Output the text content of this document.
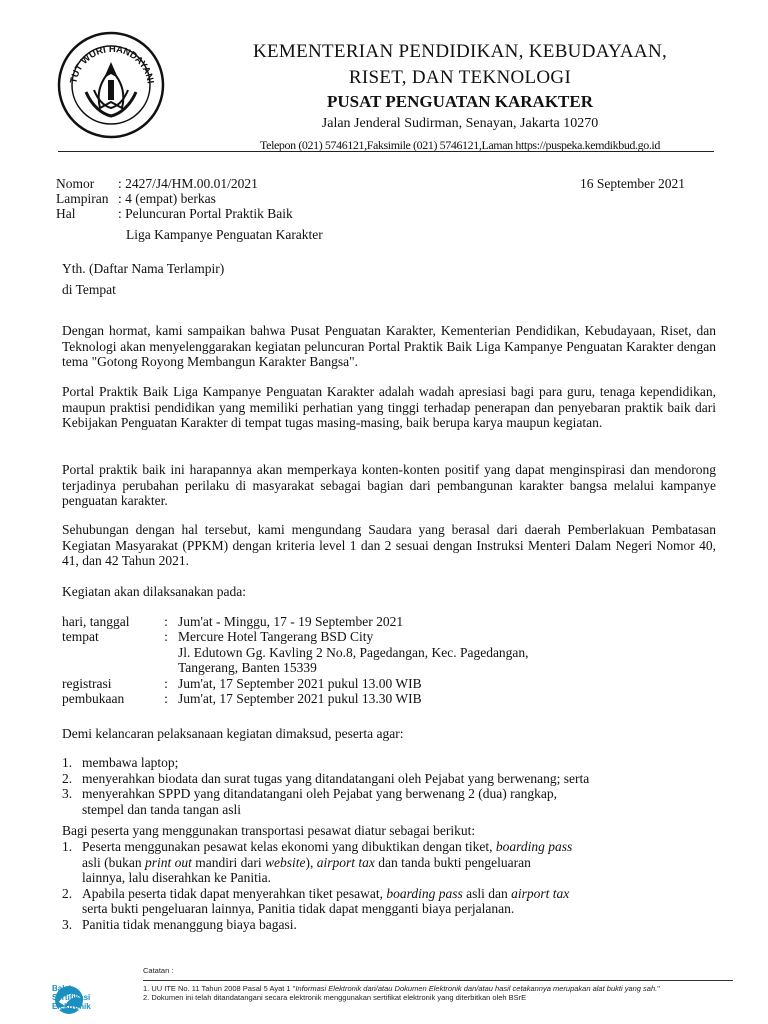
TUT WURI HANDAYANI
KEMENTERIAN PENDIDIKAN, KEBUDAYAAN,
RISET, DAN TEKNOLOGI
PUSAT PENGUATAN KARAKTER
Jalan Jenderal Sudirman, Senayan, Jakarta 10270
Telepon (021) 5746121,Faksimile (021) 5746121,Laman https://puspeka.kemdikbud.go.id
Nomor	: 2427/J4/HM.00.01/2021
Lampiran : 4 (empat) berkas
Hal	: Peluncuran Portal Praktik Baik
Liga Kampanye Penguatan Karakter
16 September 2021
Yth. (Daftar Nama Terlampir)
di Tempat

Dengan hormat, kami sampaikan bahwa Pusat Penguatan Karakter, Kementerian Pendidikan, Kebudayaan, Riset, dan Teknologi akan menyelenggarakan kegiatan peluncuran Portal Praktik Baik Liga Kampanye Penguatan Karakter dengan tema "Gotong Royong Membangun Karakter Bangsa".

Portal Praktik Baik Liga Kampanye Penguatan Karakter adalah wadah apresiasi bagi para guru, tenaga kependidikan, maupun praktisi pendidikan yang memiliki perhatian yang tinggi terhadap penerapan dan penyebaran praktik baik dari Kebijakan Penguatan Karakter di tempat tugas masing-masing, baik berupa karya maupun kegiatan.

Portal praktik baik ini harapannya akan memperkaya konten-konten positif yang dapat menginspirasi dan mendorong terjadinya perubahan perilaku di masyarakat sebagai bagian dari pembangunan karakter bangsa melalui kampanye penguatan karakter.

Sehubungan dengan hal tersebut, kami mengundang Saudara yang berasal dari daerah Pemberlakuan Pembatasan Kegiatan Masyarakat (PPKM) dengan kriteria level 1 dan 2 sesuai dengan Instruksi Menteri Dalam Negeri Nomor 40, 41, dan 42 Tahun 2021.

Kegiatan akan dilaksanakan pada:

hari, tanggal	: Jum'at - Minggu, 17 - 19 September 2021
tempat	: Mercure Hotel Tangerang BSD City
Jl. Edutown Gg. Kavling 2 No.8, Pagedangan, Kec. Pagedangan,
Tangerang, Banten 15339
registrasi	: Jum'at, 17 September 2021 pukul 13.00 WIB
pembukaan	: Jum'at, 17 September 2021 pukul 13.30 WIB

Demi kelancaran pelaksanaan kegiatan dimaksud, peserta agar:

1. membawa laptop;
2. menyerahkan biodata dan surat tugas yang ditandatangani oleh Pejabat yang berwenang; serta
3. menyerahkan SPPD yang ditandatangani oleh Pejabat yang berwenang 2 (dua) rangkap,
stempel dan tanda tangan asli

Bagi peserta yang menggunakan transportasi pesawat diatur sebagai berikut:

1. Peserta menggunakan pesawat kelas ekonomi yang dibuktikan dengan tiket, boarding pass
asli (bukan print out mandiri dari website), airport tax dan tanda bukti pengeluaran
lainnya, lalu diserahkan ke Panitia.
2. Apabila peserta tidak dapat menyerahkan tiket pesawat, boarding pass asli dan airport tax
serta bukti pengeluaran lainnya, Panitia tidak dapat mengganti biaya perjalanan.
3. Panitia tidak menanggung biaya bagasi.
Balai
Sertifikasi
Elektronik
Catatan :
1. UU ITE No. 11 Tahun 2008 Pasal 5 Ayat 1 "Informasi Elektronik dan/atau Dokumen Elektronik dan/atau hasil cetakannya merupakan alat bukti yang sah."
2. Dokumen ini telah ditandatangani secara elektronik menggunakan sertifikat elektronik yang diterbitkan oleh BSrE
